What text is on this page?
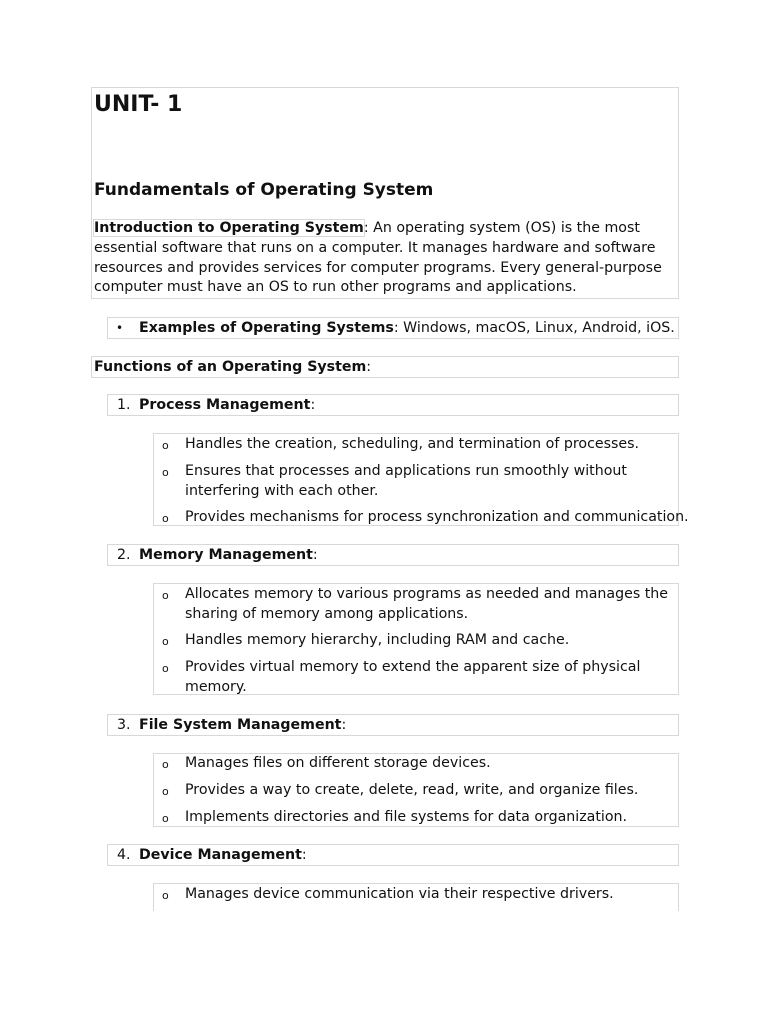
UNIT- 1
Fundamentals of Operating System

Introduction to Operating System: An operating system (OS) is the most essential software that runs on a computer. It manages hardware and software resources and provides services for computer programs. Every general-purpose computer must have an OS to run other programs and applications.

• Examples of Operating Systems: Windows, macOS, Linux, Android, iOS.
Functions of an Operating System:
1. Process Management:
o Handles the creation, scheduling, and termination of processes.
o Ensures that processes and applications run smoothly without interfering with each other.
o Provides mechanisms for process synchronization and communication.
2. Memory Management:
o Allocates memory to various programs as needed and manages the sharing of memory among applications.
o Handles memory hierarchy, including RAM and cache.
o Provides virtual memory to extend the apparent size of physical memory.
3. File System Management:
o Manages files on different storage devices.
o Provides a way to create, delete, read, write, and organize files.
o Implements directories and file systems for data organization.
4. Device Management:
o Manages device communication via their respective drivers.
